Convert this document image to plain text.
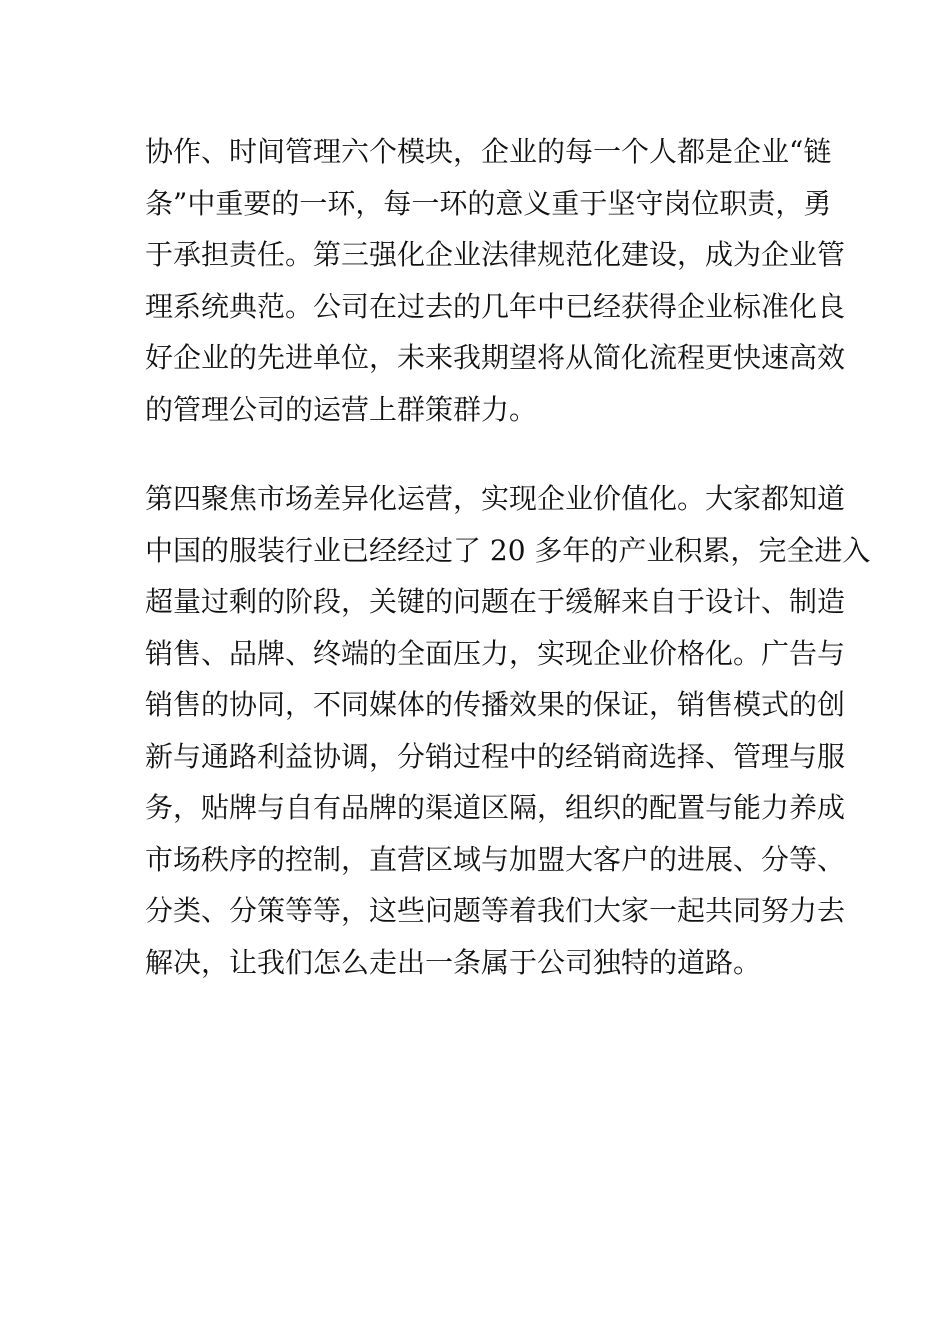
协作、时间管理六个模块，企业的每一个人都是企业“链
条”中重要的一环，每一环的意义重于坚守岗位职责，勇
于承担责任。第三强化企业法律规范化建设，成为企业管
理系统典范。公司在过去的几年中已经获得企业标准化良
好企业的先进单位，未来我期望将从简化流程更快速高效
的管理公司的运营上群策群力。
第四聚焦市场差异化运营，实现企业价值化。大家都知道
中国的服装行业已经经过了 20 多年的产业积累，完全进入
超量过剩的阶段，关键的问题在于缓解来自于设计、制造
销售、品牌、终端的全面压力，实现企业价格化。广告与
销售的协同，不同媒体的传播效果的保证，销售模式的创
新与通路利益协调，分销过程中的经销商选择、管理与服
务，贴牌与自有品牌的渠道区隔，组织的配置与能力养成
市场秩序的控制，直营区域与加盟大客户的进展、分等、
分类、分策等等，这些问题等着我们大家一起共同努力去
解决，让我们怎么走出一条属于公司独特的道路。
